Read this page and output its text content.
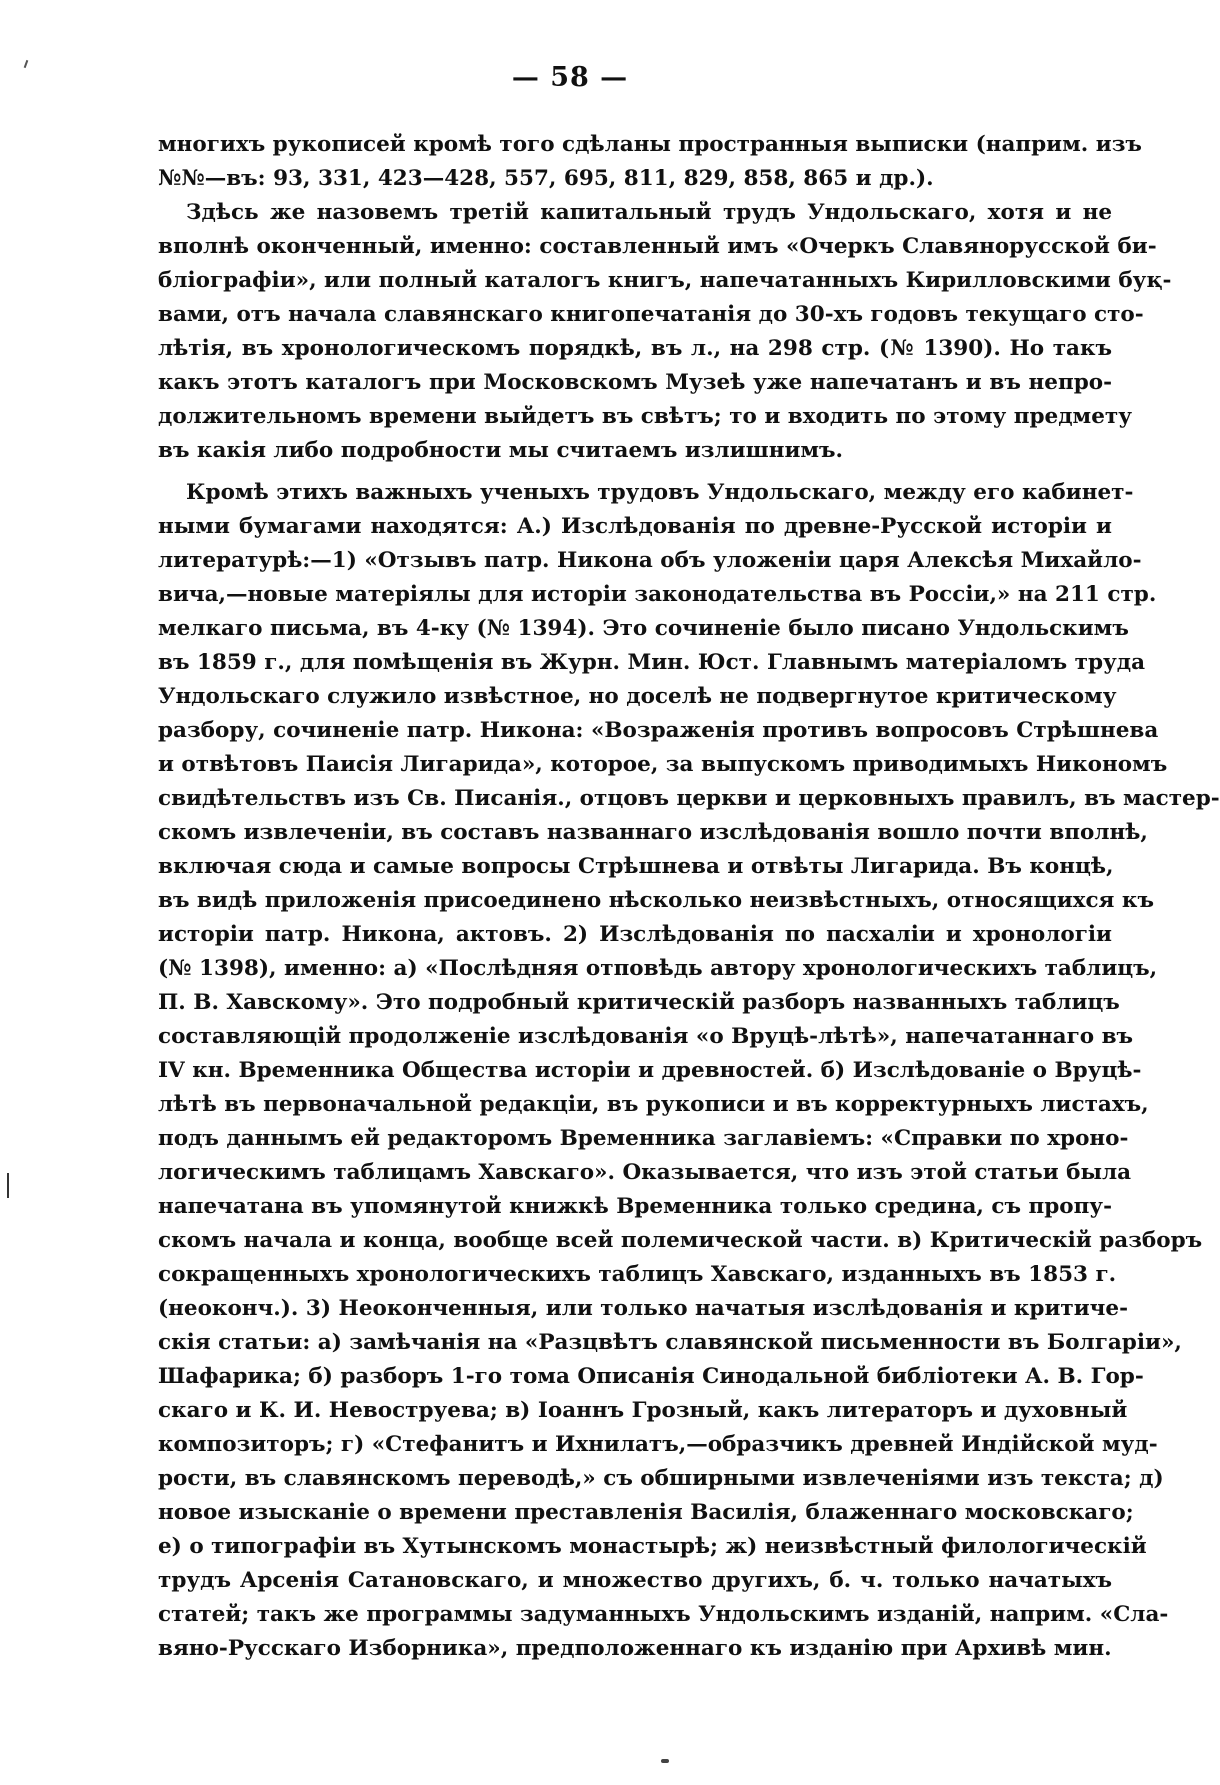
— 58 —
многихъ рукописей кромѣ того сдѣланы пространныя выписки (наприм. изъ
№№—въ: 93, 331, 423—428, 557, 695, 811, 829, 858, 865 и др.).
Здѣсь же назовемъ третій капитальный трудъ Ундольскаго, хотя и не
вполнѣ оконченный, именно: составленный имъ «Очеркъ Славянорусской би-
бліографіи», или полный каталогъ книгъ, напечатанныхъ Кирилловскими буқ-
вами, отъ начала славянскаго книгопечатанія до 30-хъ годовъ текущаго сто-
лѣтія, въ хронологическомъ порядкѣ, въ л., на 298 стр. (№ 1390). Но такъ
какъ этотъ каталогъ при Московскомъ Музеѣ уже напечатанъ и въ непро-
должительномъ времени выйдетъ въ свѣтъ; то и входить по этому предмету
въ какія либо подробности мы считаемъ излишнимъ.
Кромѣ этихъ важныхъ ученыхъ трудовъ Ундольскаго, между его кабинет-
ными бумагами находятся: А.) Изслѣдованія по древне-Русской исторіи и
литературѣ:—1) «Отзывъ патр. Никона объ уложеніи царя Алексѣя Михайло-
вича,—новые матеріялы для исторіи законодательства въ Россіи,» на 211 стр.
мелкаго письма, въ 4-ку (№ 1394). Это сочиненіе было писано Ундольскимъ
въ 1859 г., для помѣщенія въ Журн. Мин. Юст. Главнымъ матеріаломъ труда
Ундольскаго служило извѣстное, но доселѣ не подвергнутое критическому
разбору, сочиненіе патр. Никона: «Возраженія противъ вопросовъ Стрѣшнева
и отвѣтовъ Паисія Лигарида», которое, за выпускомъ приводимыхъ Никономъ
свидѣтельствъ изъ Св. Писанія., отцовъ церкви и церковныхъ правилъ, въ мастер-
скомъ извлеченіи, въ составъ названнаго изслѣдованія вошло почти вполнѣ,
включая сюда и самые вопросы Стрѣшнева и отвѣты Лигарида. Въ концѣ,
въ видѣ приложенія присоединено нѣсколько неизвѣстныхъ, относящихся къ
исторіи патр. Никона, актовъ. 2) Изслѣдованія по пасхаліи и хронологіи
(№ 1398), именно: а) «Послѣдняя отповѣдь автору хронологическихъ таблицъ,
П. В. Хавскому». Это подробный критическій разборъ названныхъ таблицъ
составляющій продолженіе изслѣдованія «о Вруцѣ-лѣтѣ», напечатаннаго въ
IV кн. Временника Общества исторіи и древностей. б) Изслѣдованіе о Вруцѣ-
лѣтѣ въ первоначальной редакціи, въ рукописи и въ корректурныхъ листахъ,
подъ даннымъ ей редакторомъ Временника заглавіемъ: «Справки по хроно-
логическимъ таблицамъ Хавскаго». Оказывается, что изъ этой статьи была
напечатана въ упомянутой книжкѣ Временника только средина, съ пропу-
скомъ начала и конца, вообще всей полемической части. в) Критическій разборъ
сокращенныхъ хронологическихъ таблицъ Хавскаго, изданныхъ въ 1853 г.
(неоконч.). 3) Неоконченныя, или только начатыя изслѣдованія и критиче-
скія статьи: а) замѣчанія на «Разцвѣтъ славянской письменности въ Болгаріи»,
Шафарика; б) разборъ 1-го тома Описанія Синодальной библіотеки А. В. Гор-
скаго и К. И. Невоструева; в) Іоаннъ Грозный, какъ литераторъ и духовный
композиторъ; г) «Стефанитъ и Ихнилатъ,—образчикъ древней Индійской муд-
рости, въ славянскомъ переводѣ,» съ обширными извлеченіями изъ текста; д)
новое изысканіе о времени преставленія Василія, блаженнаго московскаго;
е) о типографіи въ Хутынскомъ монастырѣ; ж) неизвѣстный филологическій
трудъ Арсенія Сатановскаго, и множество другихъ, б. ч. только начатыхъ
статей; такъ же программы задуманныхъ Ундольскимъ изданій, наприм. «Сла-
вяно-Русскаго Изборника», предположеннаго къ изданію при Архивѣ мин.
